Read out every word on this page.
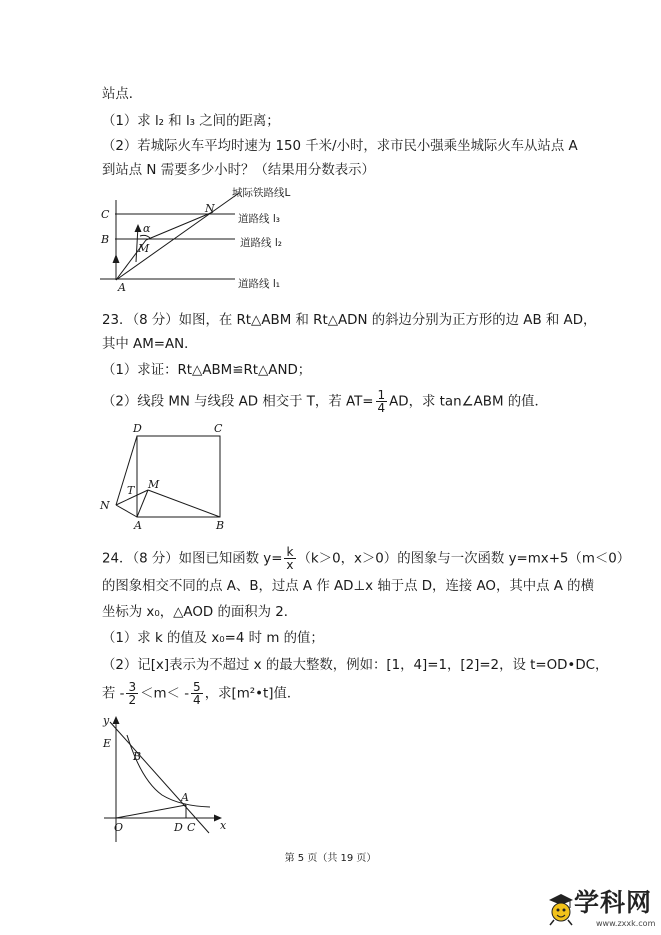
站点．
（1）求 l₂ 和 l₃ 之间的距离；
（2）若城际火车平均时速为 150 千米/小时，求市民小强乘坐城际火车从站点 A
到站点 N 需要多少小时？（结果用分数表示）
C
B
A
N
M
α
城际铁路线L
道路线 l₃
道路线 l₂
道路线 l₁
23．（8 分）如图，在 Rt△ABM 和 Rt△ADN 的斜边分别为正方形的边 AB 和 AD，
其中 AM=AN．
（1）求证：Rt△ABM≌Rt△AND；
（2）线段 MN 与线段 AD 相交于 T，若 $AT= \frac{1}{4}$ AD，求 tan∠ABM 的值．
D	C
N
T M
A	B
24．（8 分）如图已知函数 $y= \frac{k}{x} (k>0$，x＞0）的图象与一次函数 y=mx+5（m＜0）
的图象相交不同的点 A、B，过点 A 作 AD⊥x 轴于点 D，连接 AO，其中点 A 的横
坐标为 x₀，△AOD 的面积为 2．
（1）求 k 的值及 x₀=4 时 m 的值；
（2）记[x]表示为不超过 x 的最大整数，例如：[1，4]=1，[2]=2，设 t=OD•DC，
若 - $\frac{3}{2} <m< - \frac{5}{4}$ ，求[m²•t]值．
y
E
B
A
O	D C x
第 5 页（共 19 页）
学科网
www.zxxk.com
